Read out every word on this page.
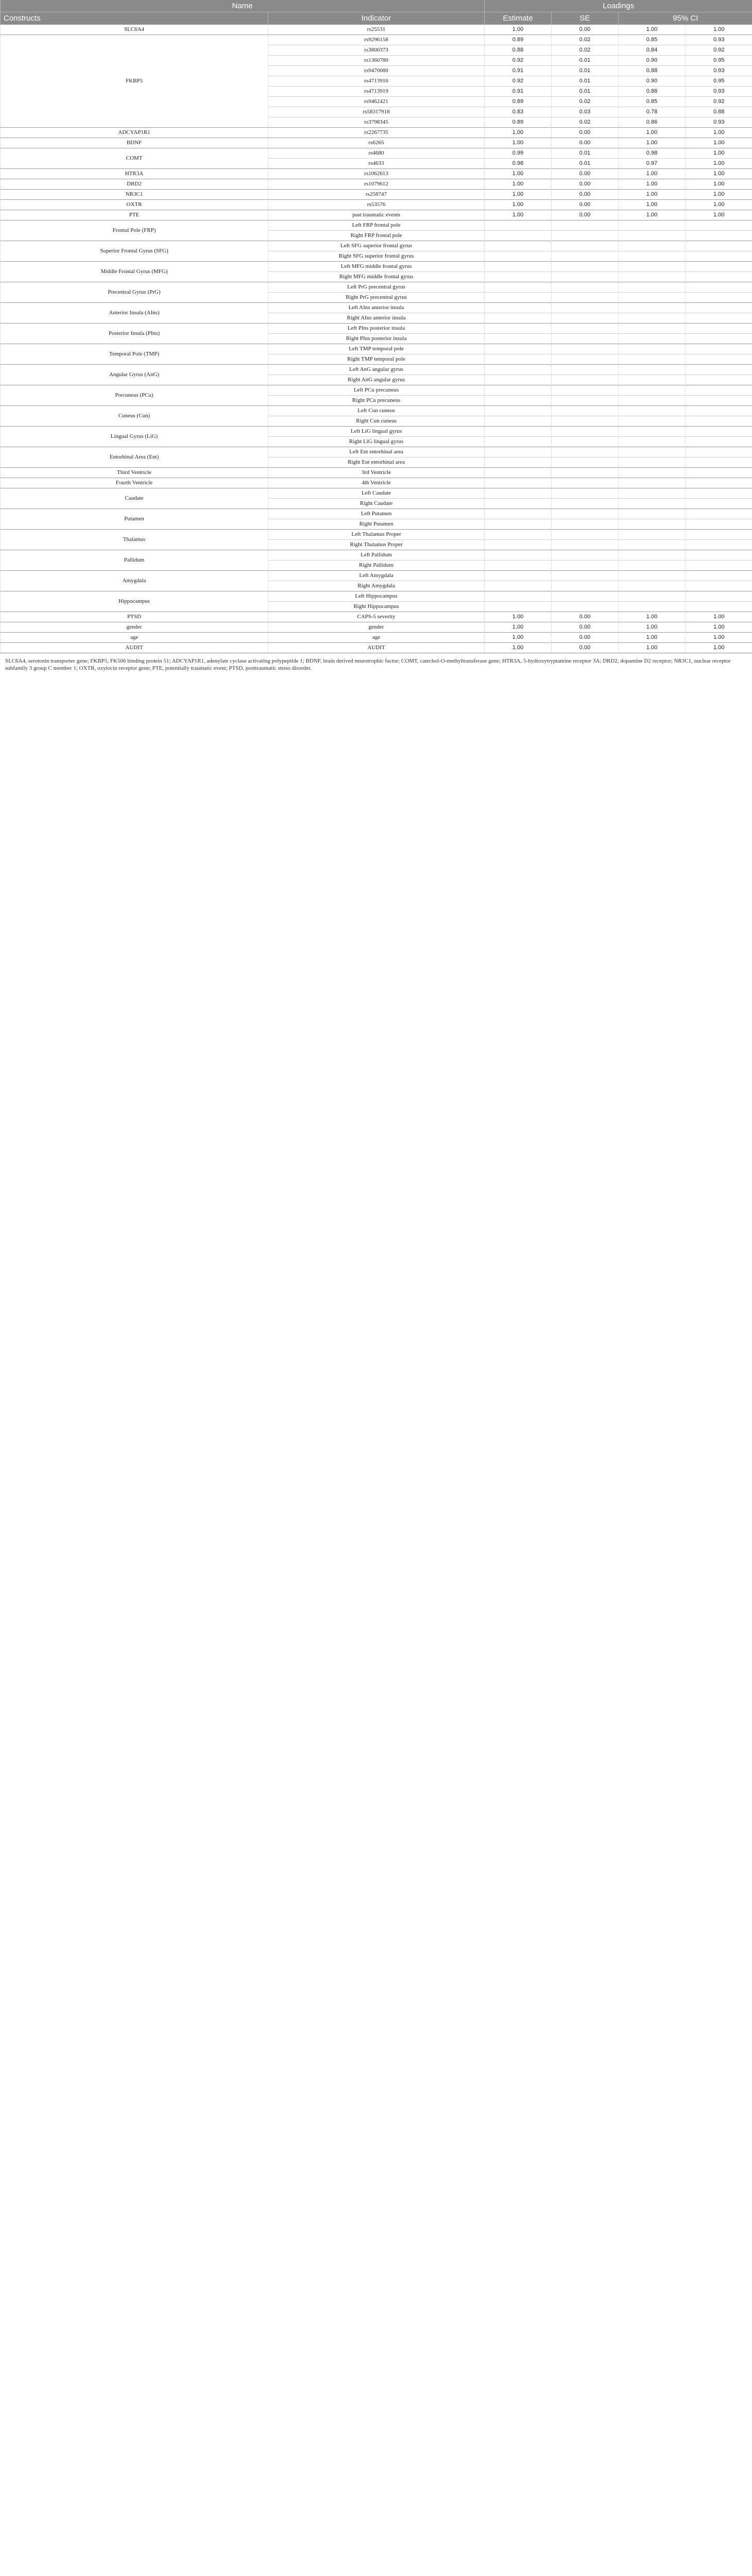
Name		Loadings			
Constructs	Indicator	Estimate	SE	95% CI	
SLC6A4	rs25531	1.00	0.00	1.00	1.00
FKBP5	rs9296158	0.89	0.02	0.85	0.93
	rs3800373	0.88	0.02	0.84	0.92
	rs1360780	0.92	0.01	0.90	0.95
	rs9470080	0.91	0.01	0.88	0.93
	rs4713916	0.92	0.01	0.90	0.95
	rs4713919	0.91	0.01	0.88	0.93
	rs9462421	0.89	0.02	0.85	0.92
	rs58317918	0.83	0.03	0.78	0.88
	rs3798345	0.89	0.02	0.86	0.93
ADCYAP1R1	rs2267735	1.00	0.00	1.00	1.00
BDNF	rs6265	1.00	0.00	1.00	1.00
COMT	rs4680	0.99	0.01	0.98	1.00
	rs4633	0.98	0.01	0.97	1.00
HTR3A	rs1062613	1.00	0.00	1.00	1.00
DRD2	rs1079612	1.00	0.00	1.00	1.00
NR3C1	rs258747	1.00	0.00	1.00	1.00
OXTR	rs53576	1.00	0.00	1.00	1.00
PTE	past traumatic events	1.00	0.00	1.00	1.00
Frontal Pole (FRP)	Left FRP frontal pole				
	Right FRP frontal pole				
Superior Frontal Gyrus (SFG)	Left SFG superior frontal gyrus				
	Right SFG superior frontal gyrus				
Middle Frontal Gyrus (MFG)	Left MFG middle frontal gyrus				
	Right MFG middle frontal gyrus				
Precentral Gyrus (PrG)	Left PrG precentral gyrus				
	Right PrG precentral gyrus				
Anterior Insula (AIns)	Left AIns anterior insula				
	Right AIns anterior insula				
Posterior Insula (PIns)	Left PIns posterior insula				
	Right PIns posterior insula				
Temporal Pole (TMP)	Left TMP temporal pole				
	Right TMP temporal pole				
Angular Gyrus (AnG)	Left AnG angular gyrus				
	Right AnG angular gyrus				
Precuneus (PCu)	Left PCu precuneus				
	Right PCu precuneus				
Cuneus (Cun)	Left Cun cuneus				
	Right Cun cuneus				
Lingual Gyrus (LiG)	Left LiG lingual gyrus				
	Right LiG lingual gyrus				
Entorhinal Area (Ent)	Left Ent entorhinal area				
	Right Ent entorhinal area				
Third Ventricle	3rd Ventricle				
Fourth Ventricle	4th Ventricle				
Caudate	Left Caudate				
	Right Caudate				
Putamen	Left Putamen				
	Right Putamen				
Thalamus	Left Thalamus Proper				
	Right Thalamus Proper				
Pallidum	Left Pallidum				
	Right Pallidum				
Amygdala	Left Amygdala				
	Right Amygdala				
Hippocampus	Left Hippocampus				
	Right Hippocampus				
PTSD	CAPS-5 severity	1.00	0.00	1.00	1.00
gender	gender	1.00	0.00	1.00	1.00
age	age	1.00	0.00	1.00	1.00
AUDIT	AUDIT	1.00	0.00	1.00	1.00
SLC6A4, serotonin transporter gene; FKBP5, FK506 binding protein 51; ADCYAP1R1, adenylate cyclase activating polypeptide 1; BDNF, brain derived neurotrophic factor; COMT, catechol-O-methyltransferase gene; HTR3A, 5-hydroxytryptamine receptor 3A; DRD2, dopamine D2 receptor; NR3C1, nuclear receptor subfamily 3 group C member 1; OXTR, oxytocin receptor gene; PTE, potentially traumatic event; PTSD, posttraumatic stress disorder.
